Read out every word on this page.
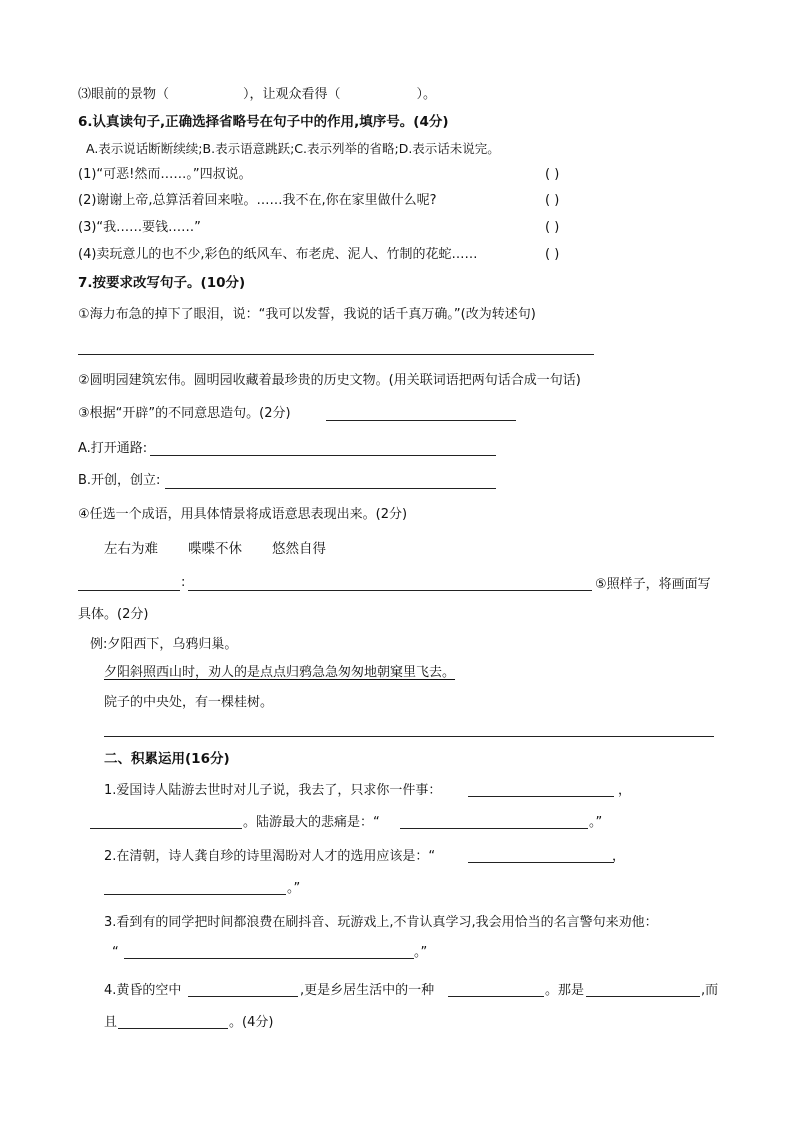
⑶眼前的景物（	），让观众看得（	）。
6.认真读句子,正确选择省略号在句子中的作用,填序号。(4分)
A.表示说话断断续续;B.表示语意跳跃;C.表示列举的省略;D.表示话未说完。
(1)“可恶!然而……。”四叔说。	( )
(2)谢谢上帝,总算活着回来啦。……我不在,你在家里做什么呢?	( )
(3)“我……要钱……”	( )
(4)卖玩意儿的也不少,彩色的纸风车、布老虎、泥人、竹制的花蛇……	( )
7.按要求改写句子。(10分)
①海力布急的掉下了眼泪，说：“我可以发誓，我说的话千真万确。”(改为转述句)
②圆明园建筑宏伟。圆明园收藏着最珍贵的历史文物。(用关联词语把两句话合成一句话)
③根据“开辟”的不同意思造句。(2分)
A.打开通路:
B.开创，创立:
④任选一个成语，用具体情景将成语意思表现出来。(2分)
左右为难 喋喋不休 悠然自得
:	⑤照样子，将画面写
具体。(2分)
例:夕阳西下，乌鸦归巢。
夕阳斜照西山时，劝人的是点点归鸦急急匆匆地朝窠里飞去。
院子的中央处，有一棵桂树。
二、积累运用(16分)
1.爱国诗人陆游去世时对儿子说，我去了，只求你一件事：	，
。陆游最大的悲痛是：“	。”
2.在清朝，诗人龚自珍的诗里渴盼对人才的选用应该是：“	，
。”
3.看到有的同学把时间都浪费在刷抖音、玩游戏上,不肯认真学习,我会用恰当的名言警句来劝他：
“	。”
4.黄昏的空中	,更是乡居生活中的一种	。那是	,而
且	。(4分)
